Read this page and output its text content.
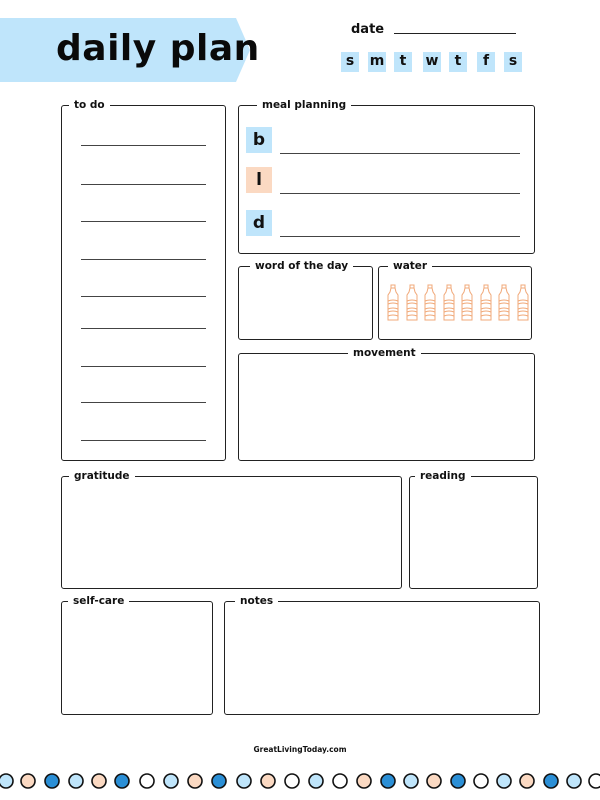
daily plan	date
s	m	t	w	t	f	s
to do	meal planning
b
l
d
word of the day	water
movement
gratitude	reading
self-care	notes
GreatLivingToday.com
